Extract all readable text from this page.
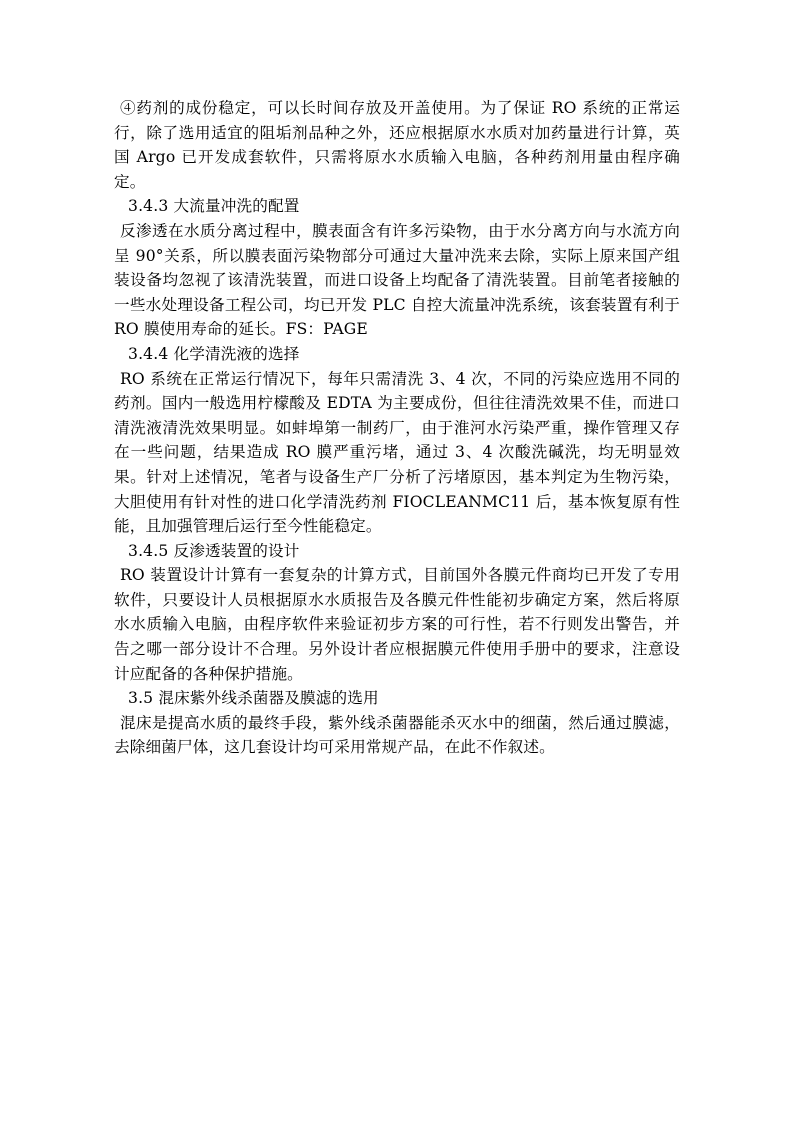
④药剂的成份稳定，可以长时间存放及开盖使用。为了保证 RO 系统的正常运行，除了选用适宜的阻垢剂品种之外，还应根据原水水质对加药量进行计算，英国 Argo 已开发成套软件，只需将原水水质输入电脑，各种药剂用量由程序确定。

3.4.3 大流量冲洗的配置

反渗透在水质分离过程中，膜表面含有许多污染物，由于水分离方向与水流方向呈 90°关系，所以膜表面污染物部分可通过大量冲洗来去除，实际上原来国产组装设备均忽视了该清洗装置，而进口设备上均配备了清洗装置。目前笔者接触的一些水处理设备工程公司，均已开发 PLC 自控大流量冲洗系统，该套装置有利于 RO 膜使用寿命的延长。FS：PAGE

3.4.4 化学清洗液的选择

RO 系统在正常运行情况下，每年只需清洗 3、4 次，不同的污染应选用不同的药剂。国内一般选用柠檬酸及 EDTA 为主要成份，但往往清洗效果不佳，而进口清洗液清洗效果明显。如蚌埠第一制药厂，由于淮河水污染严重，操作管理又存在一些问题，结果造成 RO 膜严重污堵，通过 3、4 次酸洗碱洗，均无明显效果。针对上述情况，笔者与设备生产厂分析了污堵原因，基本判定为生物污染，大胆使用有针对性的进口化学清洗药剂 FIOCLEANMC11 后，基本恢复原有性能，且加强管理后运行至今性能稳定。

3.4.5 反渗透装置的设计

RO 装置设计计算有一套复杂的计算方式，目前国外各膜元件商均已开发了专用软件，只要设计人员根据原水水质报告及各膜元件性能初步确定方案，然后将原水水质输入电脑，由程序软件来验证初步方案的可行性，若不行则发出警告，并告之哪一部分设计不合理。另外设计者应根据膜元件使用手册中的要求，注意设计应配备的各种保护措施。

3.5 混床紫外线杀菌器及膜滤的选用

混床是提高水质的最终手段，紫外线杀菌器能杀灭水中的细菌，然后通过膜滤，去除细菌尸体，这几套设计均可采用常规产品，在此不作叙述。
